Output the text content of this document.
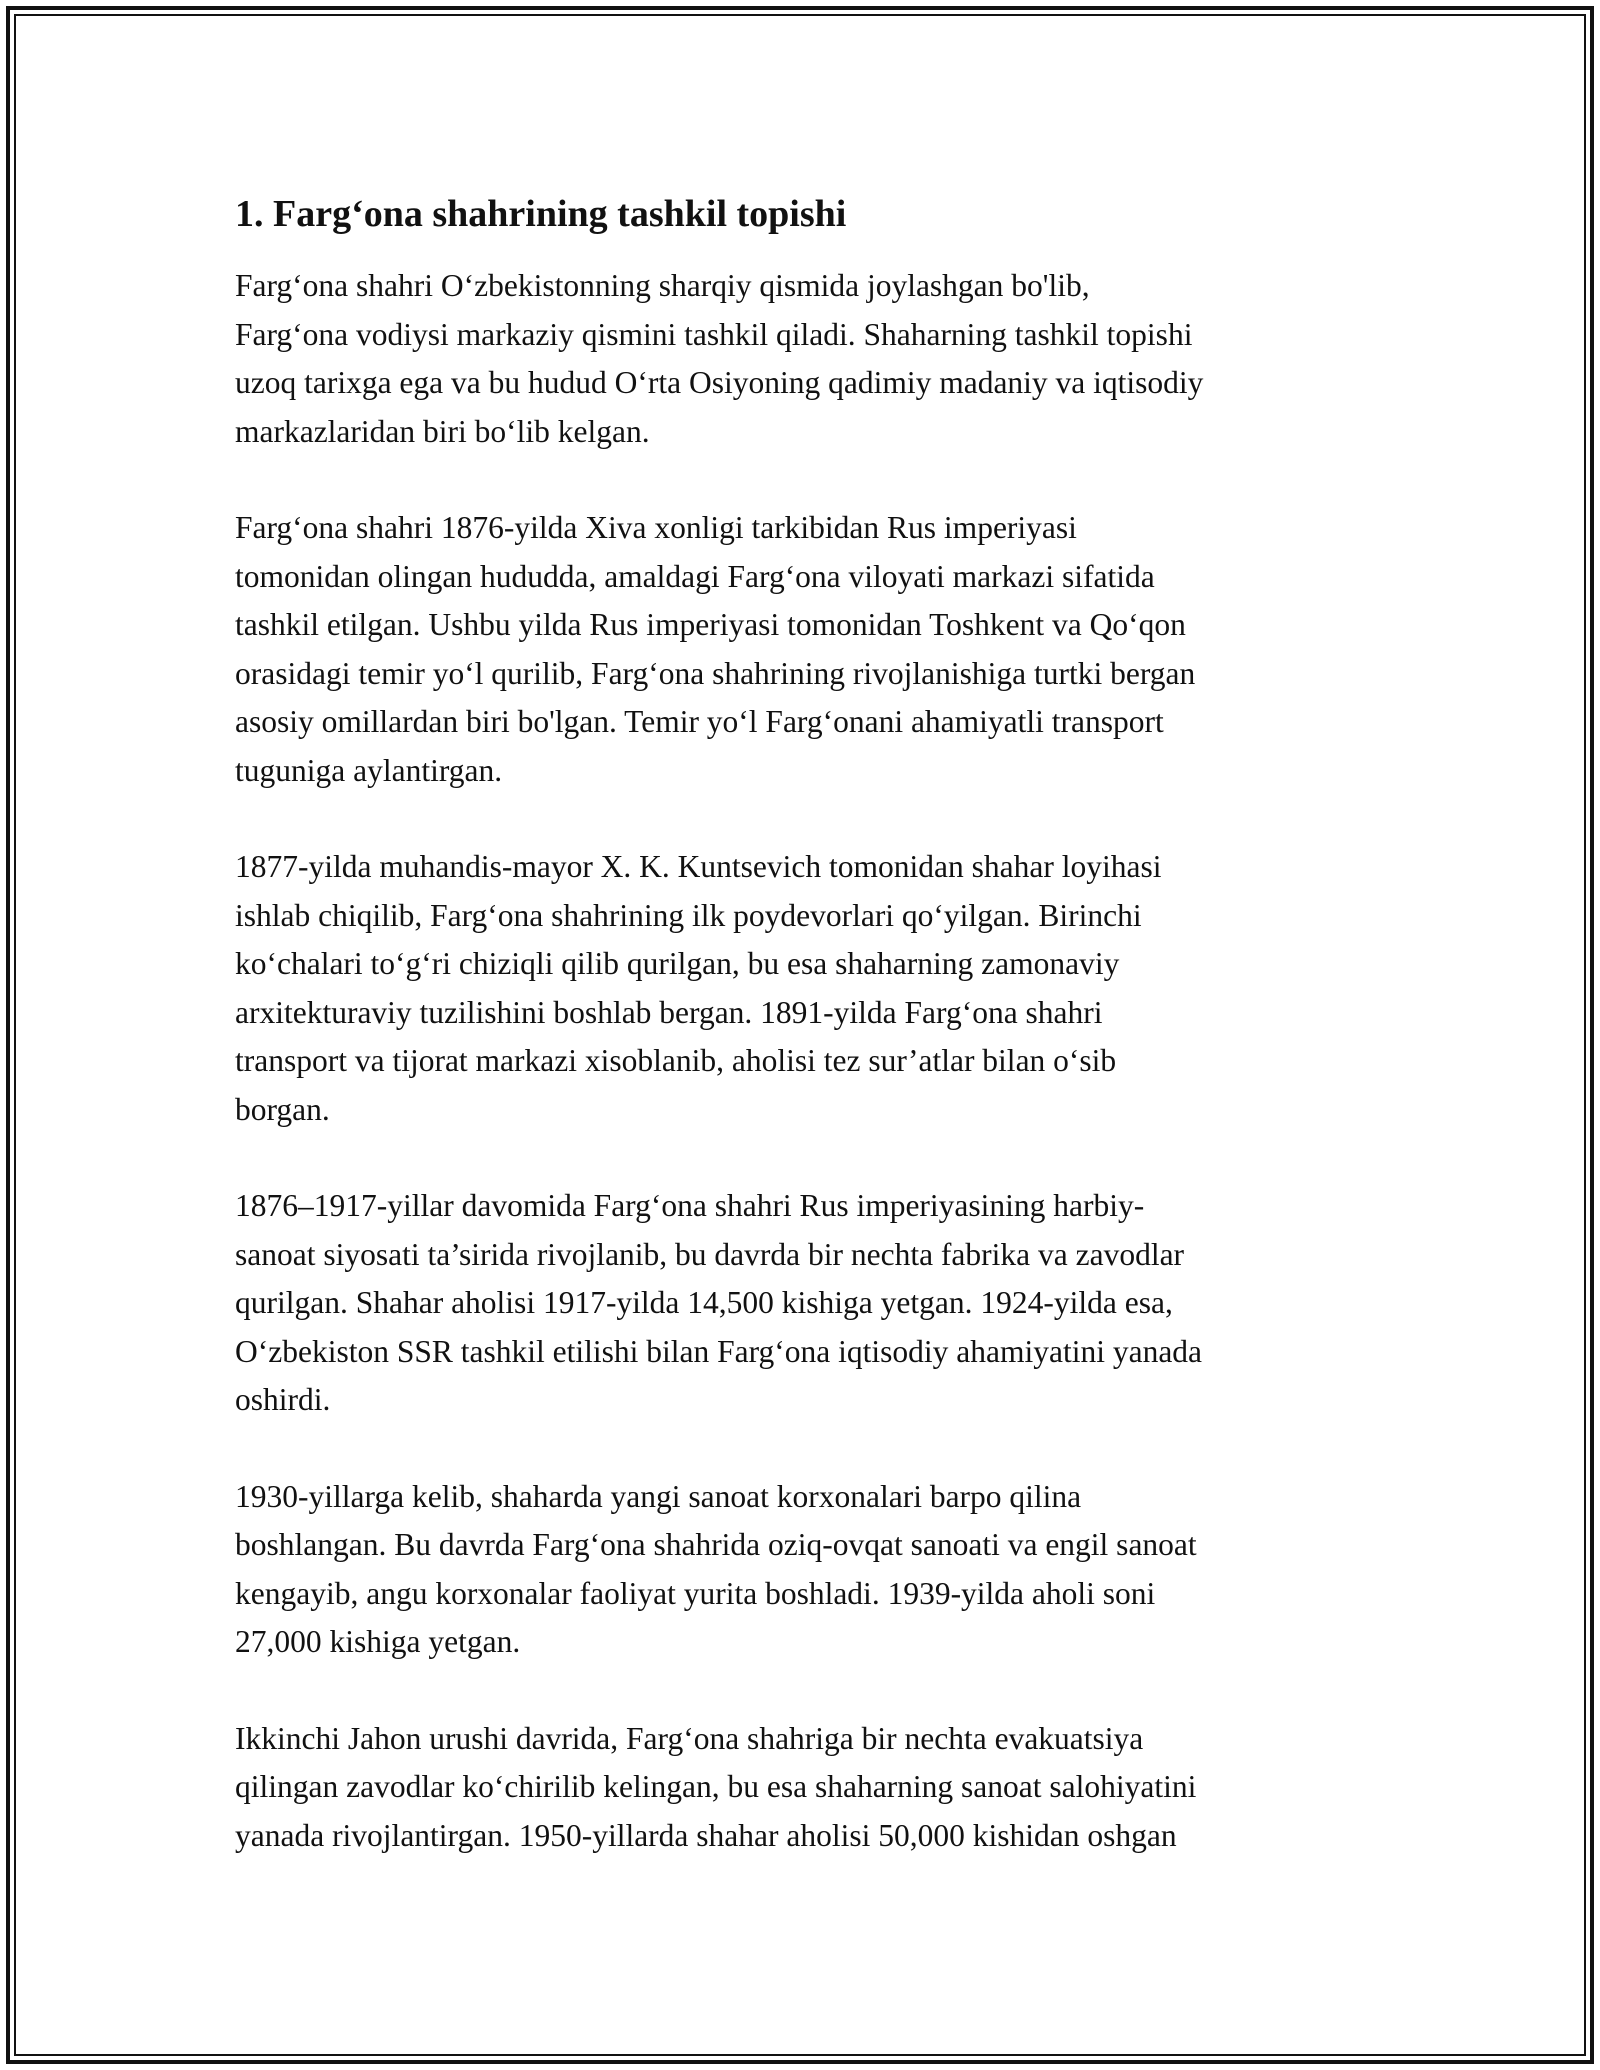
1. Farg‘ona shahrining tashkil topishi

Farg‘ona shahri O‘zbekistonning sharqiy qismida joylashgan bo'lib,
Farg‘ona vodiysi markaziy qismini tashkil qiladi. Shaharning tashkil topishi
uzoq tarixga ega va bu hudud O‘rta Osiyoning qadimiy madaniy va iqtisodiy
markazlaridan biri bo‘lib kelgan.

Farg‘ona shahri 1876-yilda Xiva xonligi tarkibidan Rus imperiyasi
tomonidan olingan hududda, amaldagi Farg‘ona viloyati markazi sifatida
tashkil etilgan. Ushbu yilda Rus imperiyasi tomonidan Toshkent va Qo‘qon
orasidagi temir yo‘l qurilib, Farg‘ona shahrining rivojlanishiga turtki bergan
asosiy omillardan biri bo'lgan. Temir yo‘l Farg‘onani ahamiyatli transport
tuguniga aylantirgan.

1877-yilda muhandis-mayor X. K. Kuntsevich tomonidan shahar loyihasi
ishlab chiqilib, Farg‘ona shahrining ilk poydevorlari qo‘yilgan. Birinchi
ko‘chalari to‘g‘ri chiziqli qilib qurilgan, bu esa shaharning zamonaviy
arxitekturaviy tuzilishini boshlab bergan. 1891-yilda Farg‘ona shahri
transport va tijorat markazi xisoblanib, aholisi tez sur’atlar bilan o‘sib
borgan.

1876–1917-yillar davomida Farg‘ona shahri Rus imperiyasining harbiy-
sanoat siyosati ta’sirida rivojlanib, bu davrda bir nechta fabrika va zavodlar
qurilgan. Shahar aholisi 1917-yilda 14,500 kishiga yetgan. 1924-yilda esa,
O‘zbekiston SSR tashkil etilishi bilan Farg‘ona iqtisodiy ahamiyatini yanada
oshirdi.

1930-yillarga kelib, shaharda yangi sanoat korxonalari barpo qilina
boshlangan. Bu davrda Farg‘ona shahrida oziq-ovqat sanoati va engil sanoat
kengayib, angu korxonalar faoliyat yurita boshladi. 1939-yilda aholi soni
27,000 kishiga yetgan.

Ikkinchi Jahon urushi davrida, Farg‘ona shahriga bir nechta evakuatsiya
qilingan zavodlar ko‘chirilib kelingan, bu esa shaharning sanoat salohiyatini
yanada rivojlantirgan. 1950-yillarda shahar aholisi 50,000 kishidan oshgan
